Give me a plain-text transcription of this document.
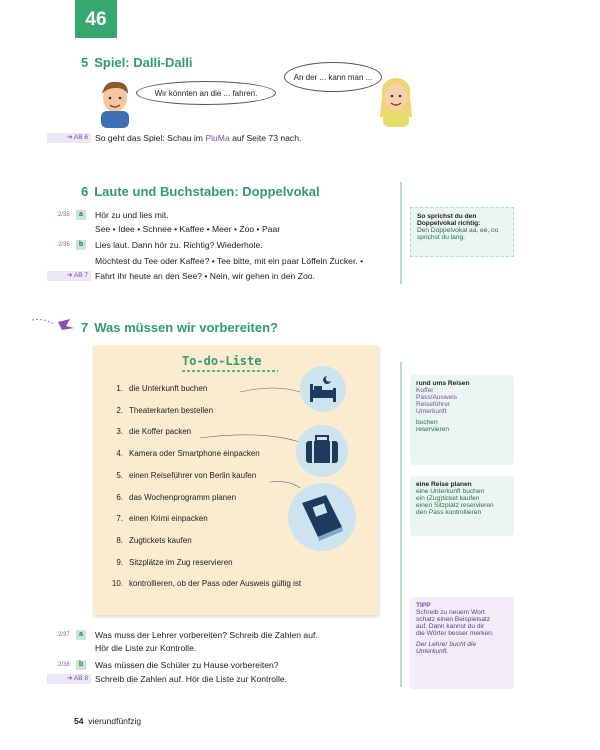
46
5 Spiel: Dalli-Dalli
Wir könnten an die ... fahren.
An der ... kann man ...
➔ AB 6 So geht das Spiel: Schau im PluMa auf Seite 73 nach.
6 Laute und Buchstaben: Doppelvokal
2/35	a	Hör zu und lies mit.
See • Idee • Schnee • Kaffee • Meer • Zoo • Paar
2/36	b	Lies laut. Dann hör zu. Richtig? Wiederhole.
Möchtest du Tee oder Kaffee? • Tee bitte, mit ein paar Löffeln Zucker. •
➔ AB 7 Fahrt ihr heute an den See? • Nein, wir gehen in den Zoo.
So sprichst du den Doppelvokal richtig:
Den Doppelvokal aa, ee, oo sprichst du lang.
7 Was müssen wir vorbereiten?
To-do-Liste
1. die Unterkunft buchen
2. Theaterkarten bestellen
3. die Koffer packen
4. Kamera oder Smartphone einpacken
5. einen Reiseführer von Berlin kaufen
6. das Wochenprogramm planen
7. einen Krimi einpacken
8. Zugtickets kaufen
9. Sitzplätze im Zug reservieren
10. kontrollieren, ob der Pass oder Ausweis gültig ist
2/37	a	Was muss der Lehrer vorbereiten? Schreib die Zahlen auf.
Hör die Liste zur Kontrolle.
2/38	b	Was müssen die Schüler zu Hause vorbereiten?
➔ AB 8 Schreib die Zahlen auf. Hör die Liste zur Kontrolle.
rund ums Reisen
Koffer
Pass/Ausweis
Reiseführer
Unterkunft
buchen
reservieren
eine Reise planen
eine Unterkunft buchen
ein (Zug)ticket kaufen
einen Sitzplatz reservieren
den Pass kontrollieren
TIPP
Schreib zu neuem Wort
schatz einen Beispielsatz
auf. Dann kannst du dir
die Wörter besser merken.
Der Lehrer bucht die
Unterkunft.
54 vierundfünfzig
